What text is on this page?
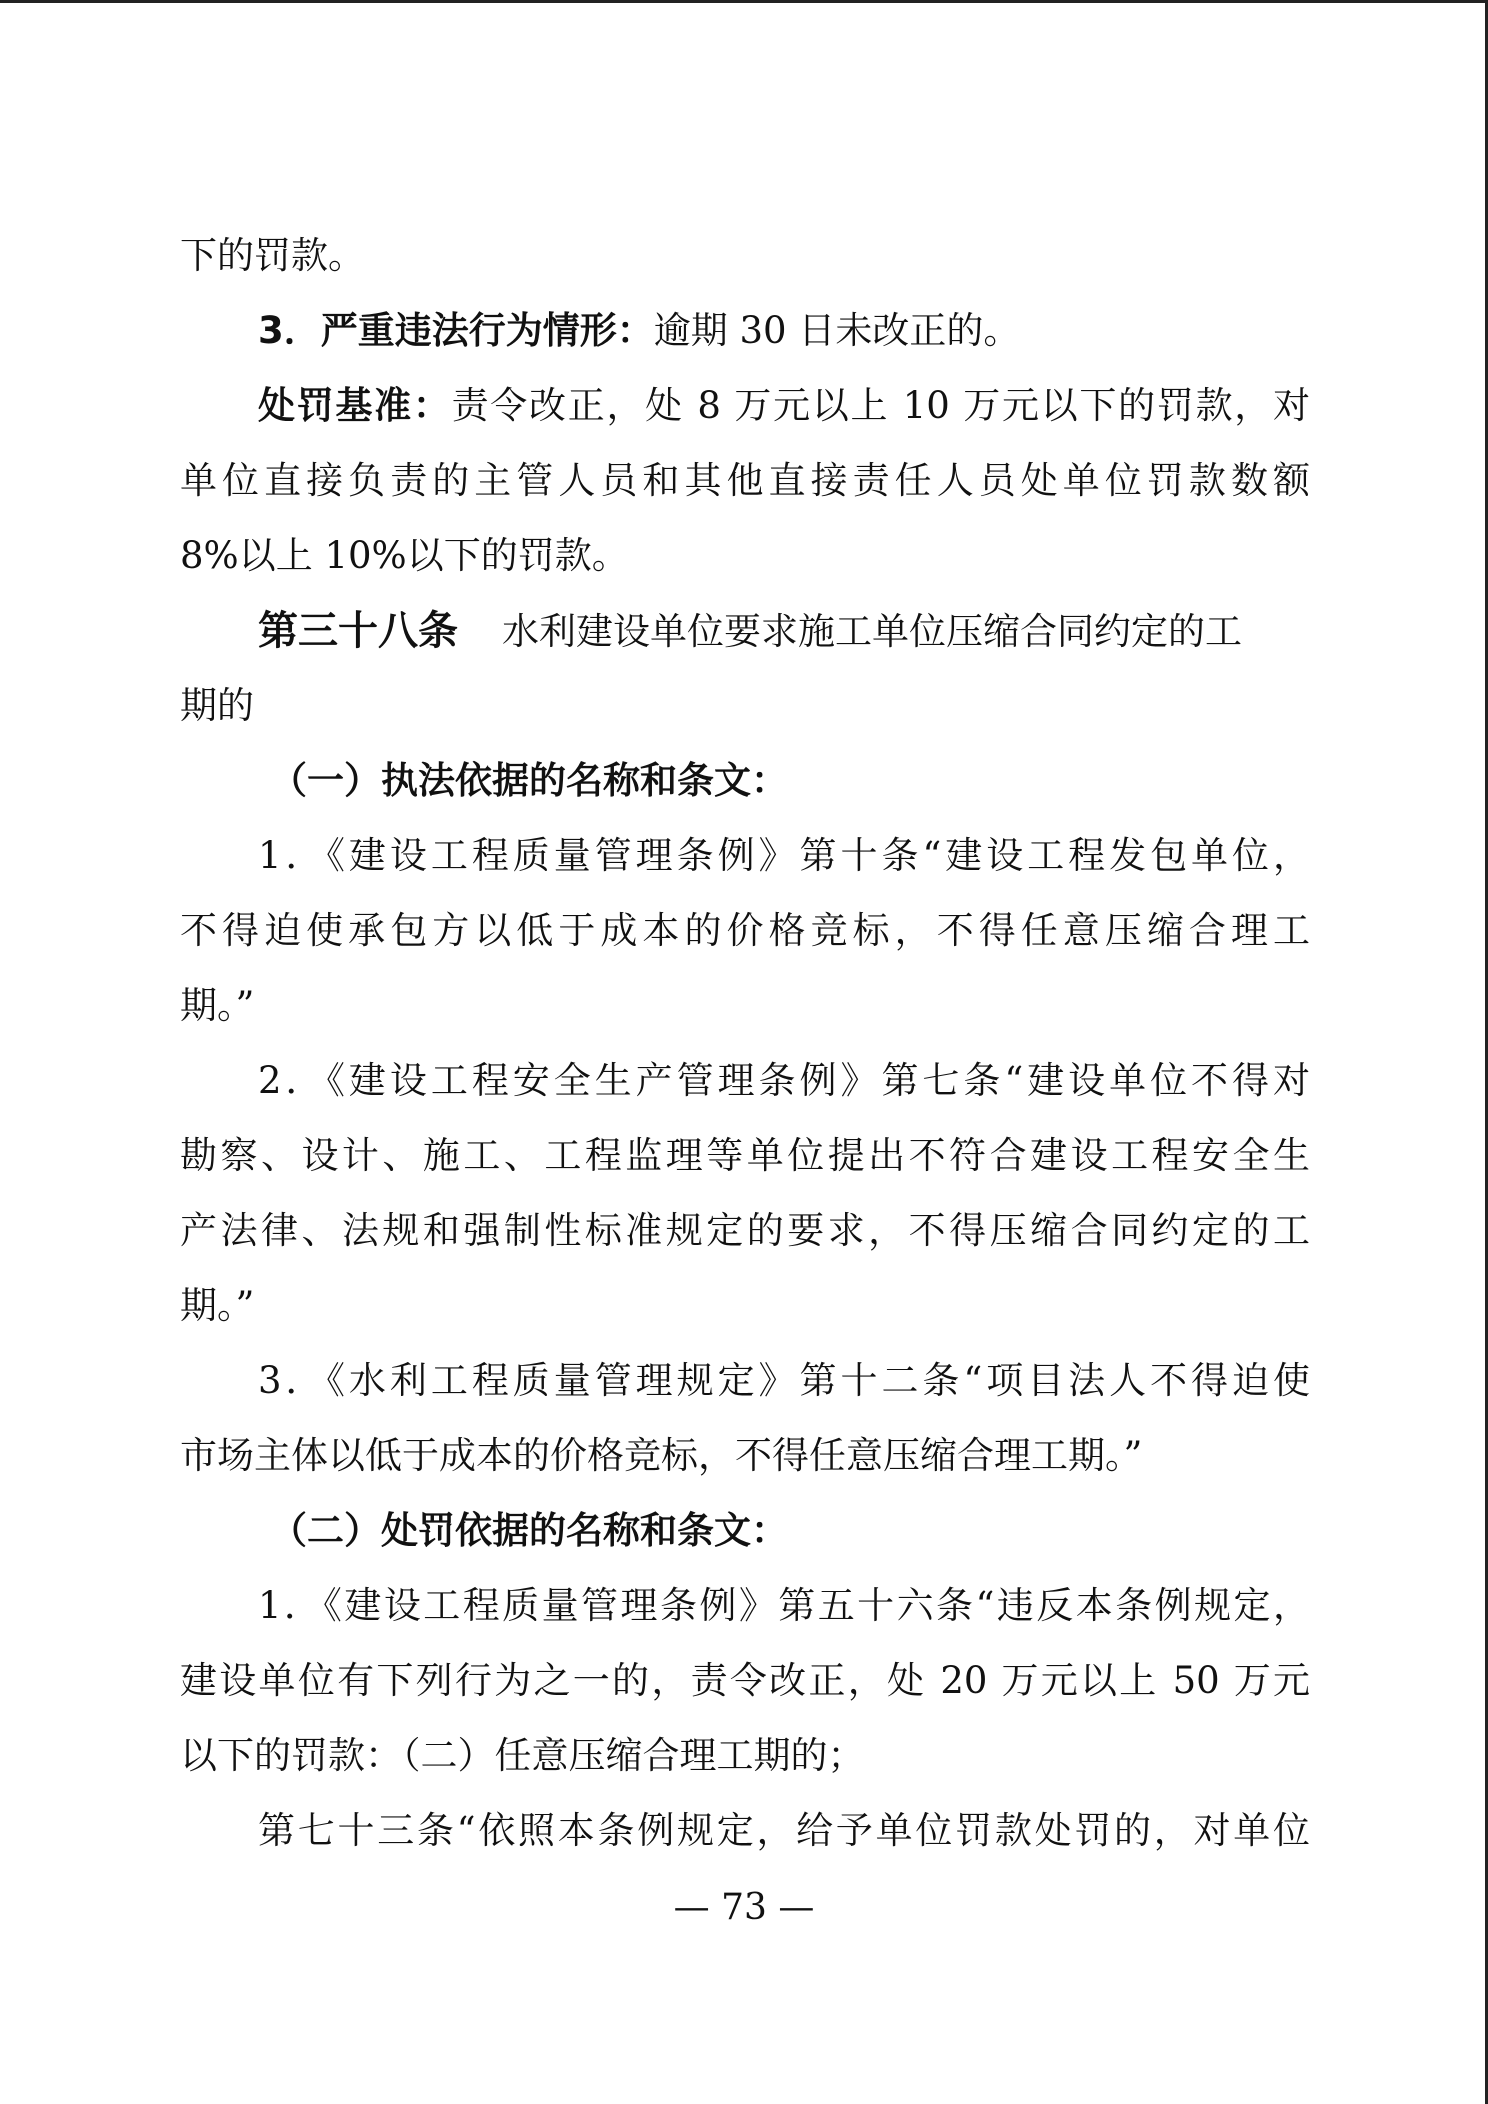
下的罚款。
3．严重违法行为情形：逾期 30 日未改正的。
处罚基准：责令改正，处 8 万元以上 10 万元以下的罚款，对
单位直接负责的主管人员和其他直接责任人员处单位罚款数额
8%以上 10%以下的罚款。
第三十八条 水利建设单位要求施工单位压缩合同约定的工
期的
（一）执法依据的名称和条文：
1．《建设工程质量管理条例》第十条“建设工程发包单位，
不得迫使承包方以低于成本的价格竞标，不得任意压缩合理工
期。”
2．《建设工程安全生产管理条例》第七条“建设单位不得对
勘察、设计、施工、工程监理等单位提出不符合建设工程安全生
产法律、法规和强制性标准规定的要求，不得压缩合同约定的工
期。”
3．《水利工程质量管理规定》第十二条“项目法人不得迫使
市场主体以低于成本的价格竞标，不得任意压缩合理工期。”
（二）处罚依据的名称和条文：
1．《建设工程质量管理条例》第五十六条“违反本条例规定，
建设单位有下列行为之一的，责令改正，处 20 万元以上 50 万元
以下的罚款：（二）任意压缩合理工期的；
第七十三条“依照本条例规定，给予单位罚款处罚的，对单位
— 73 —
